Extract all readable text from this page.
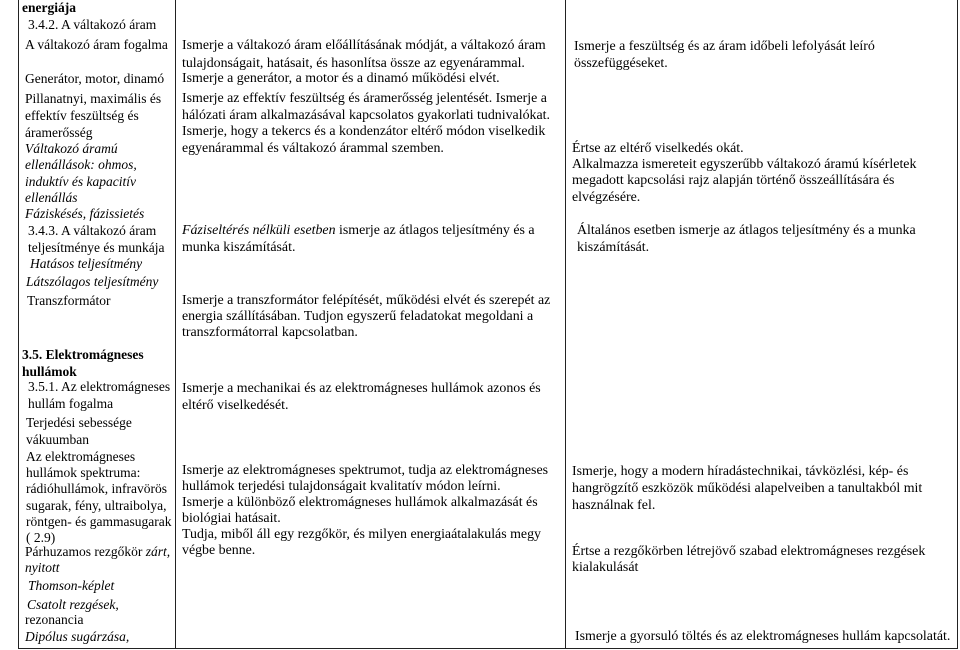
energiája
3.4.2. A váltakozó áram
A váltakozó áram fogalma
Generátor, motor, dinamó
Pillanatnyi, maximális és
effektív feszültség és
áramerősség
Váltakozó áramú
ellenállások: ohmos,
induktív és kapacitív
ellenállás
Fáziskésés, fázissietés
3.4.3. A váltakozó áram
teljesítménye és munkája
Hatásos teljesítmény
Látszólagos teljesítmény
Transzformátor
3.5. Elektromágneses
hullámok
3.5.1. Az elektromágneses
hullám fogalma
Terjedési sebessége
vákuumban
Az elektromágneses
hullámok spektruma:
rádióhullámok, infravörös
sugarak, fény, ultraibolya,
röntgen- és gammasugarak
( 2.9)
Párhuzamos rezgőkör zárt,
nyitott
Thomson-képlet
Csatolt rezgések,
rezonancia
Dipólus sugárzása,
Ismerje a váltakozó áram előállításának módját, a váltakozó áram
tulajdonságait, hatásait, és hasonlítsa össze az egyenárammal.
Ismerje a generátor, a motor és a dinamó működési elvét.
Ismerje az effektív feszültség és áramerősség jelentését. Ismerje a
hálózati áram alkalmazásával kapcsolatos gyakorlati tudnivalókat.
Ismerje, hogy a tekercs és a kondenzátor eltérő módon viselkedik
egyenárammal és váltakozó árammal szemben.
Fáziseltérés nélküli esetben ismerje az átlagos teljesítmény és a
munka kiszámítását.
Ismerje a transzformátor felépítését, működési elvét és szerepét az
energia szállításában. Tudjon egyszerű feladatokat megoldani a
transzformátorral kapcsolatban.
Ismerje a mechanikai és az elektromágneses hullámok azonos és
eltérő viselkedését.
Ismerje az elektromágneses spektrumot, tudja az elektromágneses
hullámok terjedési tulajdonságait kvalitatív módon leírni.
Ismerje a különböző elektromágneses hullámok alkalmazását és
biológiai hatásait.
Tudja, miből áll egy rezgőkör, és milyen energiaátalakulás megy
végbe benne.
Ismerje a feszültség és az áram időbeli lefolyását leíró
összefüggéseket.
Értse az eltérő viselkedés okát.
Alkalmazza ismereteit egyszerűbb váltakozó áramú kísérletek
megadott kapcsolási rajz alapján történő összeállítására és
elvégzésére.
Általános esetben ismerje az átlagos teljesítmény és a munka
kiszámítását.
Ismerje, hogy a modern híradástechnikai, távközlési, kép- és
hangrögzítő eszközök működési alapelveiben a tanultakból mit
használnak fel.
Értse a rezgőkörben létrejövő szabad elektromágneses rezgések
kialakulását
Ismerje a gyorsuló töltés és az elektromágneses hullám kapcsolatát.
